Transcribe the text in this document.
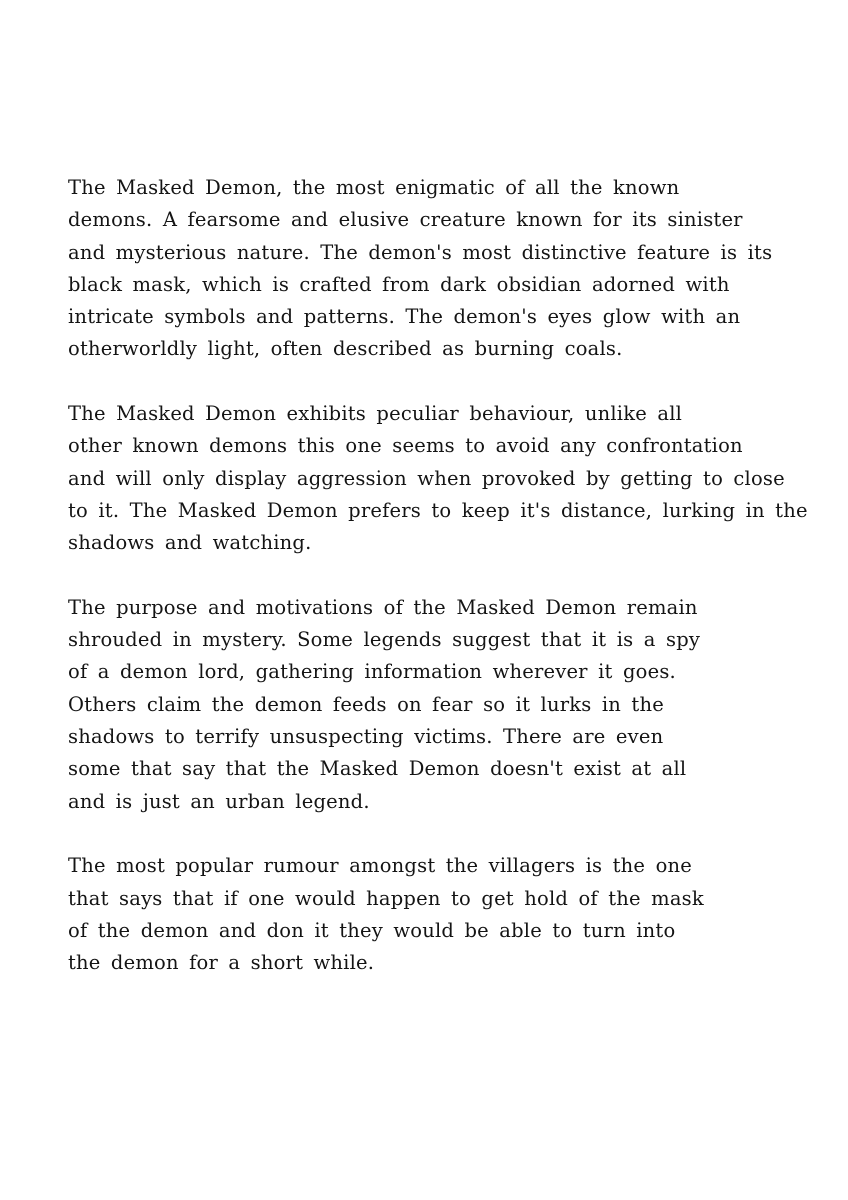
The Masked Demon, the most enigmatic of all the known
demons. A fearsome and elusive creature known for its sinister
and mysterious nature. The demon's most distinctive feature is its
black mask, which is crafted from dark obsidian adorned with
intricate symbols and patterns. The demon's eyes glow with an
otherworldly light, often described as burning coals.

The Masked Demon exhibits peculiar behaviour, unlike all
other known demons this one seems to avoid any confrontation
and will only display aggression when provoked by getting to close
to it. The Masked Demon prefers to keep it's distance, lurking in the
shadows and watching.

The purpose and motivations of the Masked Demon remain
shrouded in mystery. Some legends suggest that it is a spy
of a demon lord, gathering information wherever it goes.
Others claim the demon feeds on fear so it lurks in the
shadows to terrify unsuspecting victims. There are even
some that say that the Masked Demon doesn't exist at all
and is just an urban legend.

The most popular rumour amongst the villagers is the one
that says that if one would happen to get hold of the mask
of the demon and don it they would be able to turn into
the demon for a short while.
